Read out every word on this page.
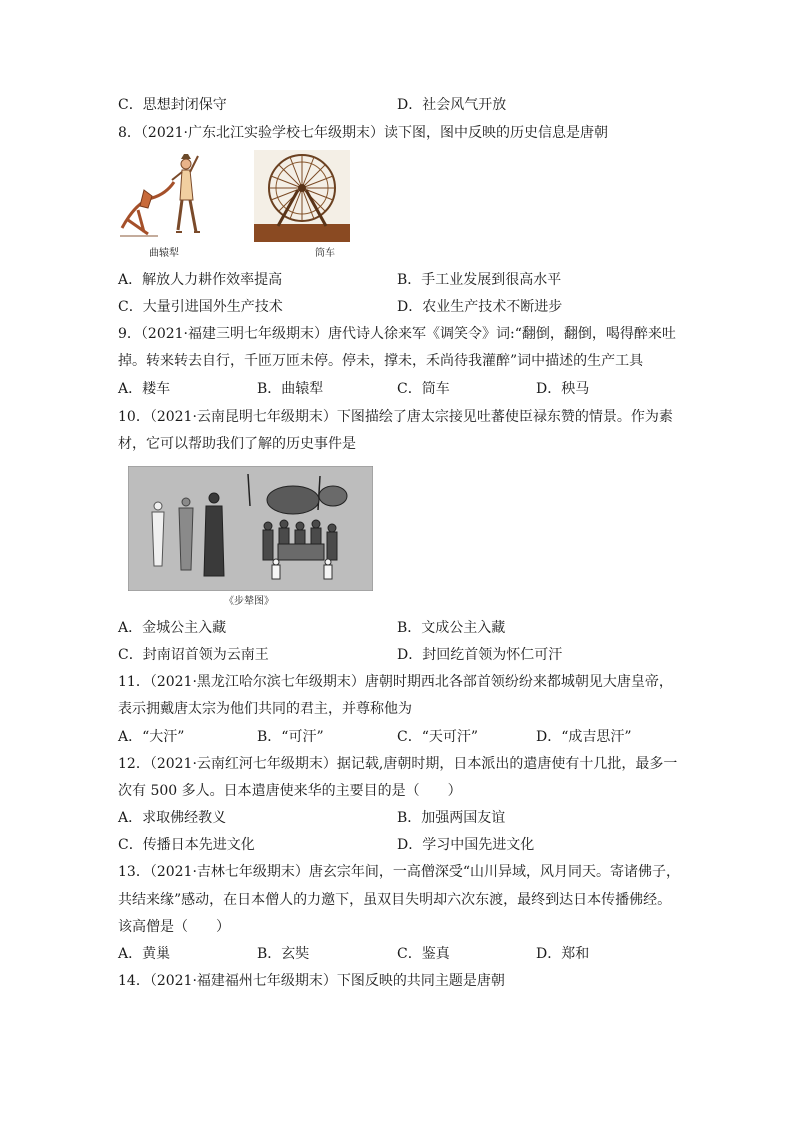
C．思想封闭保守	D．社会风气开放
8．（2021·广东北江实验学校七年级期末）读下图，图中反映的历史信息是唐朝
曲辕犁	筒车
A．解放人力耕作效率提高	B．手工业发展到很高水平
C．大量引进国外生产技术	D．农业生产技术不断进步
9．（2021·福建三明七年级期末）唐代诗人徐来军《调笑令》词:“翻倒，翻倒，喝得醉来吐
掉。转来转去自行，千匝万匝未停。停未，撑未，禾尚待我灌醉”词中描述的生产工具
A．耧车	B．曲辕犁	C．筒车	D．秧马
10．（2021·云南昆明七年级期末）下图描绘了唐太宗接见吐蕃使臣禄东赞的情景。作为素
材，它可以帮助我们了解的历史事件是
《步辇图》
A．金城公主入藏	B．文成公主入藏
C．封南诏首领为云南王	D．封回纥首领为怀仁可汗
11．（2021·黑龙江哈尔滨七年级期末）唐朝时期西北各部首领纷纷来都城朝见大唐皇帝，
表示拥戴唐太宗为他们共同的君主，并尊称他为
A．“大汗”	B．“可汗”	C．“天可汗”	D．“成吉思汗”
12．（2021·云南红河七年级期末）据记载,唐朝时期，日本派出的遣唐使有十几批，最多一
次有 500 多人。日本遣唐使来华的主要目的是（　　）
A．求取佛经教义	B．加强两国友谊
C．传播日本先进文化	D．学习中国先进文化
13．（2021·吉林七年级期末）唐玄宗年间，一高僧深受“山川异域，风月同天。寄诸佛子，
共结来缘”感动，在日本僧人的力邀下，虽双目失明却六次东渡，最终到达日本传播佛经。
该高僧是（　　）
A．黄巢	B．玄奘	C．鉴真	D．郑和
14．（2021·福建福州七年级期末）下图反映的共同主题是唐朝
